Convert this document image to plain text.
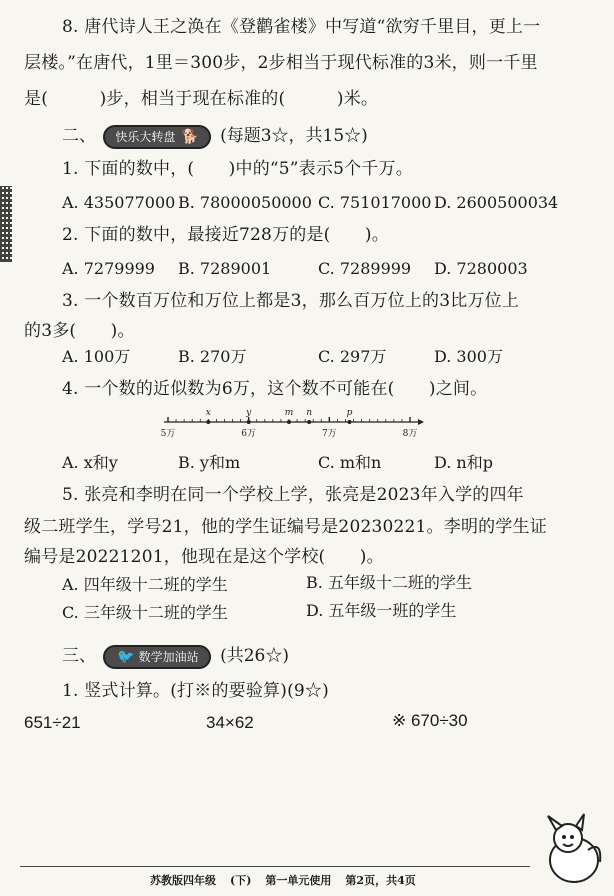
8. 唐代诗人王之涣在《登鹳雀楼》中写道“欲穷千里目，更上一
层楼。”在唐代，1里＝300步，2步相当于现代标准的3米，则一千里
是(　　　)步，相当于现在标准的(　　　)米。
二、 快乐大转盘 🐕 (每题3☆，共15☆)
1. 下面的数中，(　　)中的“5”表示5个千万。
A. 435077000 B. 78000050000 C. 751017000 D. 2600500034
2. 下面的数中，最接近728万的是(　　)。
A. 7279999 B. 7289001	C. 7289999 D. 7280003
3. 一个数百万位和万位上都是3，那么百万位上的3比万位上
的3多(　　)。
A. 100万	B. 270万	C. 297万	D. 300万
4. 一个数的近似数为6万，这个数不可能在(　　)之间。
5万	6万	7万	8万
x	y	m n	p
A. x和y	B. y和m	C. m和n	D. n和p
5. 张亮和李明在同一个学校上学，张亮是2023年入学的四年
级二班学生，学号21，他的学生证编号是20230221。李明的学生证
编号是20221201，他现在是这个学校(　　)。
A. 四年级十二班的学生	B. 五年级十二班的学生
C. 三年级十二班的学生	D. 五年级一班的学生
三、 🐦 数学加油站 (共26☆)
1. 竖式计算。(打※的要验算)(9☆)
651÷21	34×62	※ 670÷30
苏教版四年级 (下) 第一单元使用 第2页，共4页
